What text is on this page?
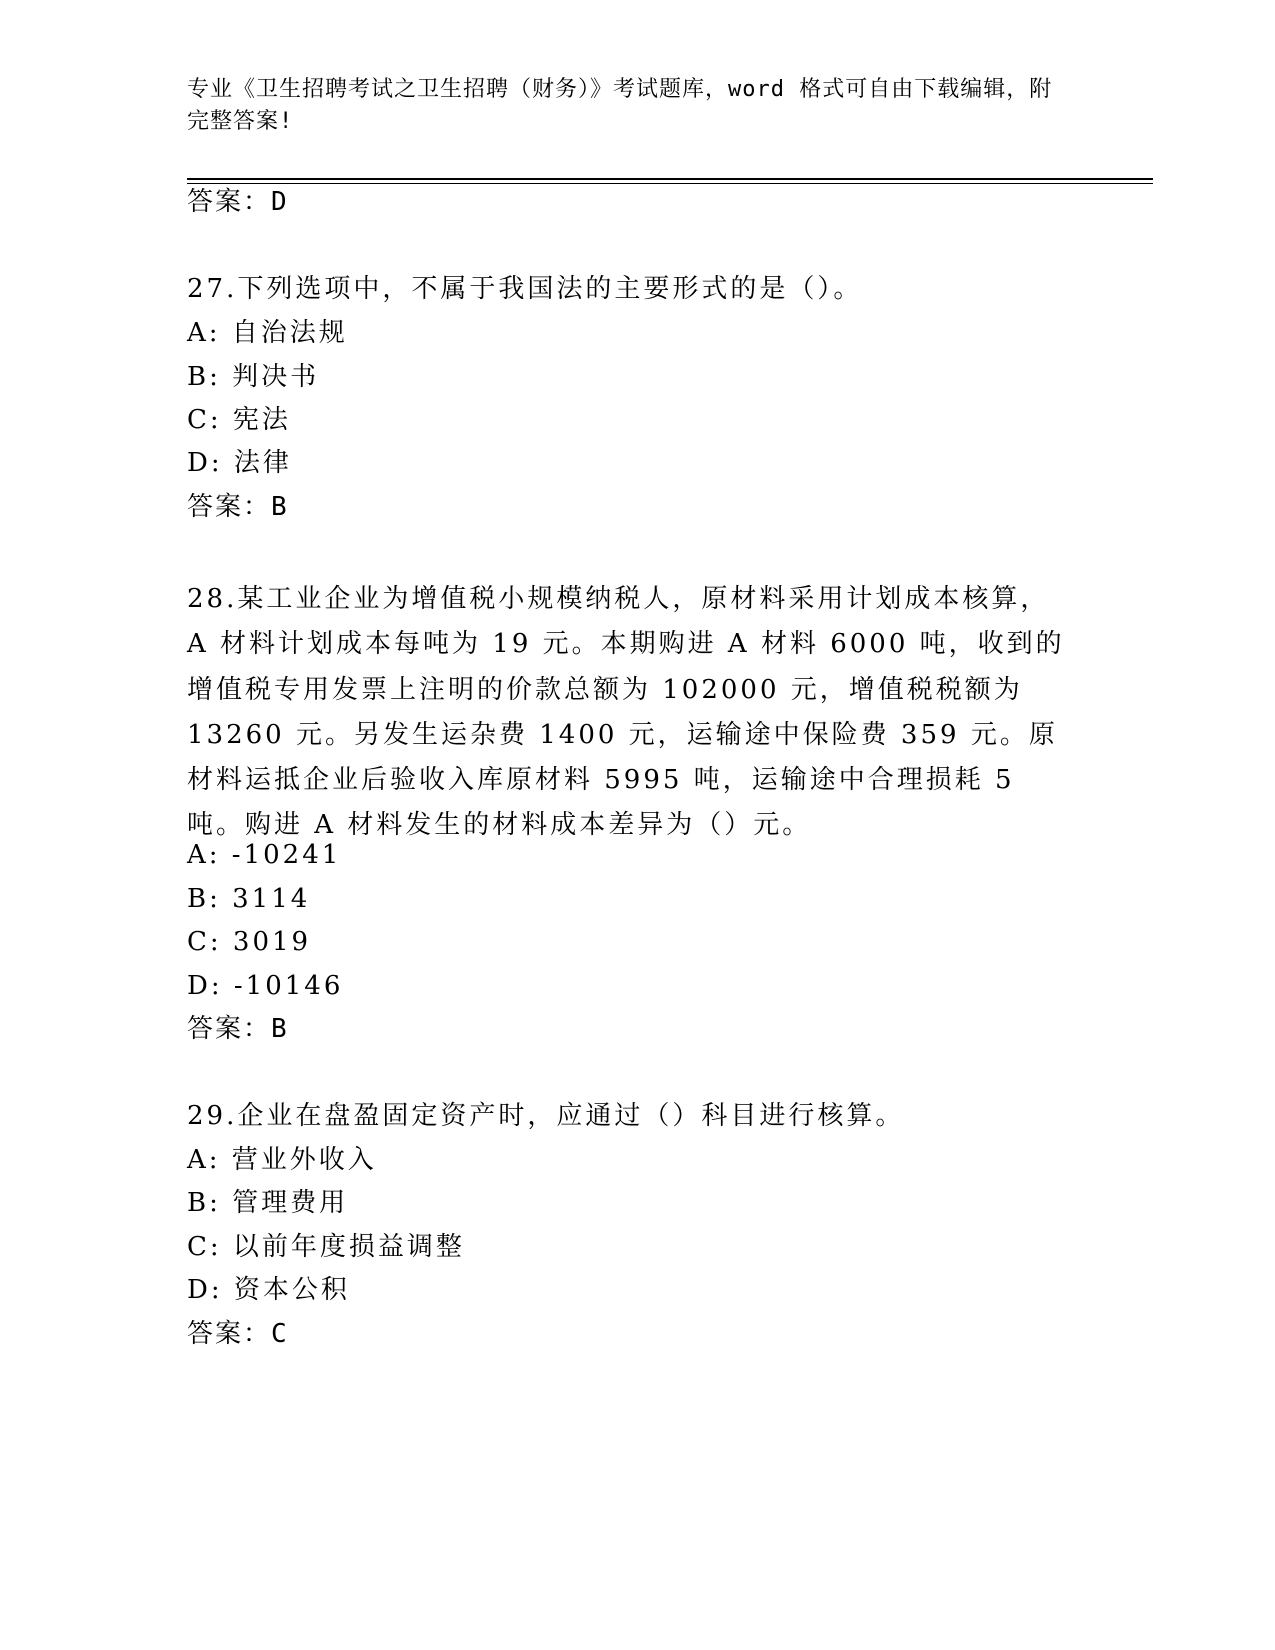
专业《卫生招聘考试之卫生招聘（财务）》考试题库，word 格式可自由下载编辑，附完整答案!
答案：D
27.下列选项中，不属于我国法的主要形式的是（）。
A: 自治法规
B: 判决书
C: 宪法
D: 法律
答案：B
28.某工业企业为增值税小规模纳税人，原材料采用计划成本核算，A 材料计划成本每吨为 19 元。本期购进 A 材料 6000 吨，收到的增值税专用发票上注明的价款总额为 102000 元，增值税税额为 13260 元。另发生运杂费 1400 元，运输途中保险费 359 元。原材料运抵企业后验收入库原材料 5995 吨，运输途中合理损耗 5 吨。购进 A 材料发生的材料成本差异为（）元。
A: -10241
B: 3114
C: 3019
D: -10146
答案：B
29.企业在盘盈固定资产时，应通过（）科目进行核算。
A: 营业外收入
B: 管理费用
C: 以前年度损益调整
D: 资本公积
答案：C
